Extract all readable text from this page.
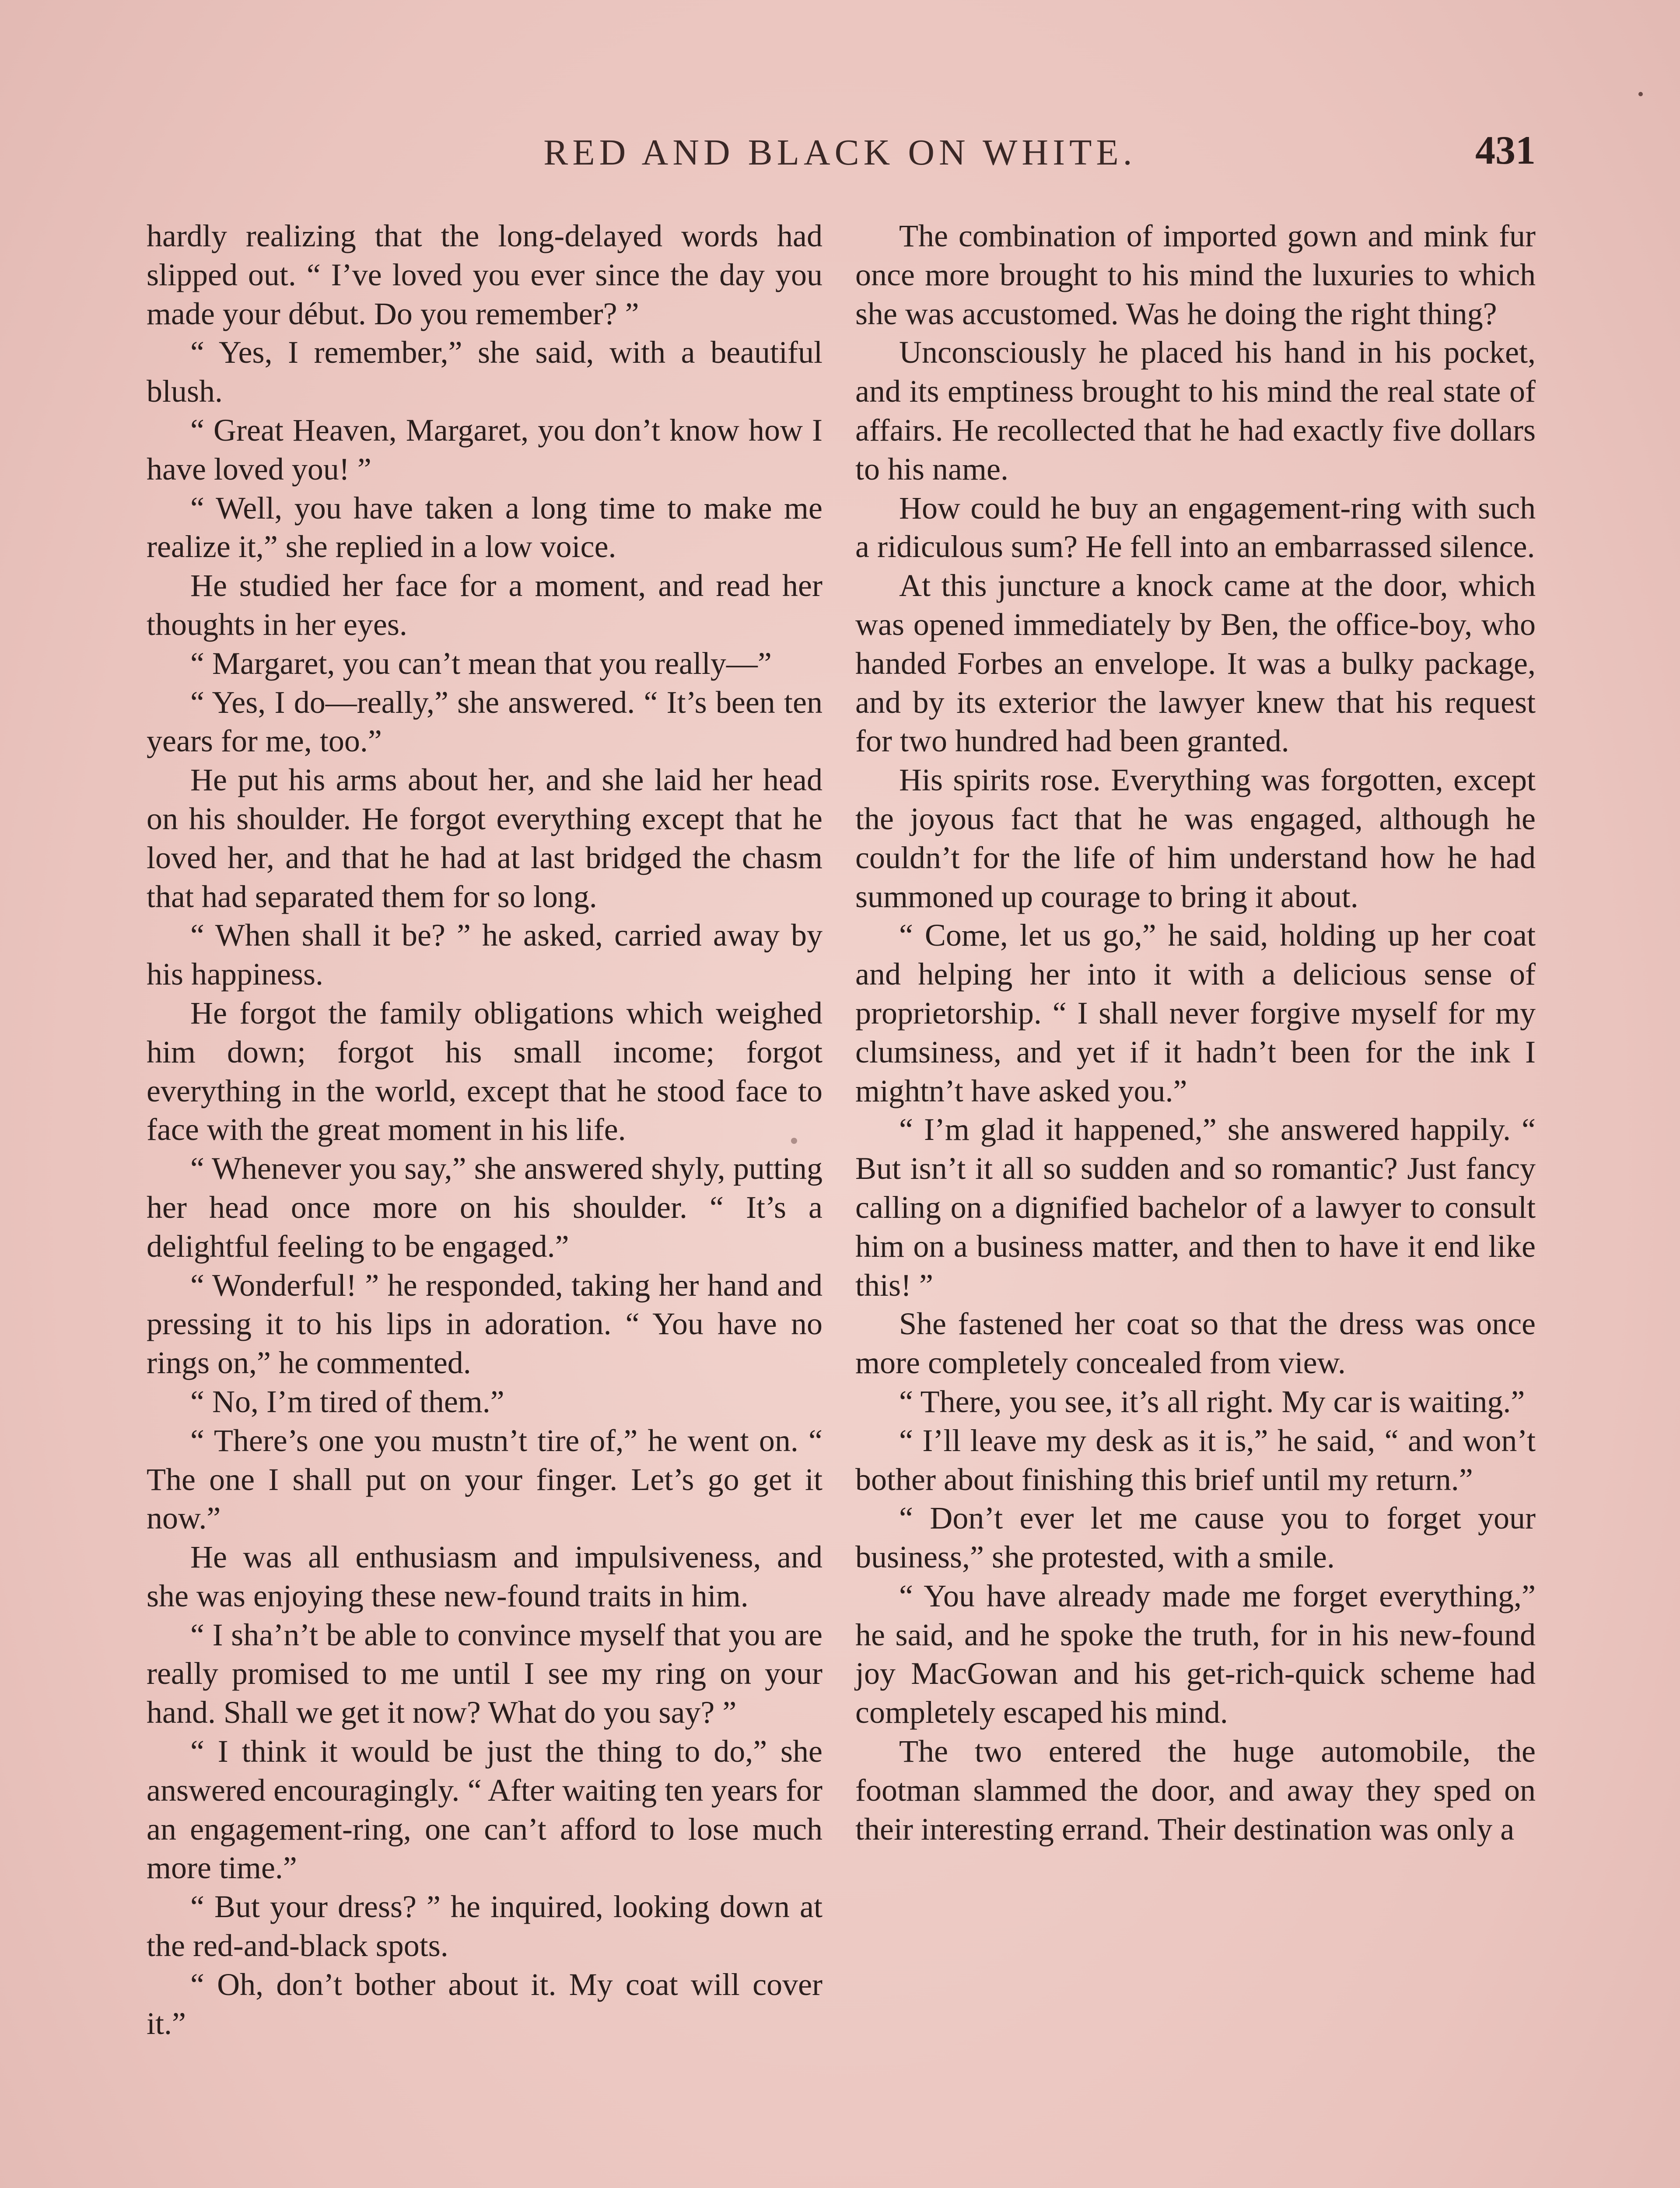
RED AND BLACK ON WHITE.	431

hardly realizing that the long-delayed words had slipped out. “ I’ve loved you ever since the day you made your début. Do you remember? ”

“ Yes, I remember,” she said, with a beautiful blush.

“ Great Heaven, Margaret, you don’t know how I have loved you! ”

“ Well, you have taken a long time to make me realize it,” she replied in a low voice.

He studied her face for a moment, and read her thoughts in her eyes.

“ Margaret, you can’t mean that you really—”

“ Yes, I do—really,” she answered. “ It’s been ten years for me, too.”

He put his arms about her, and she laid her head on his shoulder. He forgot everything except that he loved her, and that he had at last bridged the chasm that had separated them for so long.

“ When shall it be? ” he asked, carried away by his happiness.

He forgot the family obligations which weighed him down; forgot his small income; forgot everything in the world, except that he stood face to face with the great moment in his life.

“ Whenever you say,” she answered shyly, putting her head once more on his shoulder. “ It’s a delightful feeling to be engaged.”

“ Wonderful! ” he responded, taking her hand and pressing it to his lips in adoration. “ You have no rings on,” he commented.

“ No, I’m tired of them.”

“ There’s one you mustn’t tire of,” he went on. “ The one I shall put on your finger. Let’s go get it now.”

He was all enthusiasm and impulsiveness, and she was enjoying these new-found traits in him.

“ I sha’n’t be able to convince myself that you are really promised to me until I see my ring on your hand. Shall we get it now? What do you say? ”

“ I think it would be just the thing to do,” she answered encouragingly. “ After waiting ten years for an engagement-ring, one can’t afford to lose much more time.”

“ But your dress? ” he inquired, looking down at the red-and-black spots.

“ Oh, don’t bother about it. My coat will cover it.”

The combination of imported gown and mink fur once more brought to his mind the luxuries to which she was accustomed. Was he doing the right thing?

Unconsciously he placed his hand in his pocket, and its emptiness brought to his mind the real state of affairs. He recollected that he had exactly five dollars to his name.

How could he buy an engagement-ring with such a ridiculous sum? He fell into an embarrassed silence.

At this juncture a knock came at the door, which was opened immediately by Ben, the office-boy, who handed Forbes an envelope. It was a bulky package, and by its exterior the lawyer knew that his request for two hundred had been granted.

His spirits rose. Everything was forgotten, except the joyous fact that he was engaged, although he couldn’t for the life of him understand how he had summoned up courage to bring it about.

“ Come, let us go,” he said, holding up her coat and helping her into it with a delicious sense of proprietorship. “ I shall never forgive myself for my clumsiness, and yet if it hadn’t been for the ink I mightn’t have asked you.”

“ I’m glad it happened,” she answered happily. “ But isn’t it all so sudden and so romantic? Just fancy calling on a dignified bachelor of a lawyer to consult him on a business matter, and then to have it end like this! ”

She fastened her coat so that the dress was once more completely concealed from view.

“ There, you see, it’s all right. My car is waiting.”

“ I’ll leave my desk as it is,” he said, “ and won’t bother about finishing this brief until my return.”

“ Don’t ever let me cause you to forget your business,” she protested, with a smile.

“ You have already made me forget everything,” he said, and he spoke the truth, for in his new-found joy MacGowan and his get-rich-quick scheme had completely escaped his mind.

The two entered the huge automobile, the footman slammed the door, and away they sped on their interesting errand. Their destination was only a
